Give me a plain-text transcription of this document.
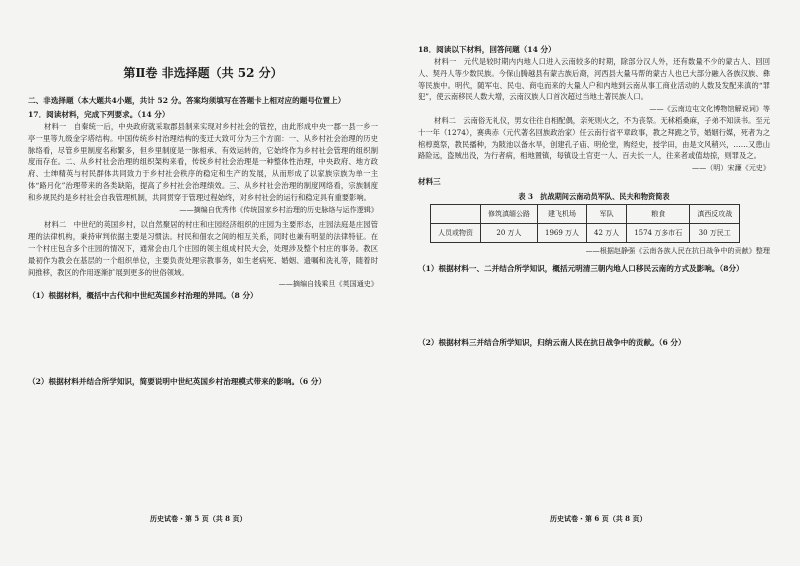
第Ⅱ卷 非选择题（共 52 分）

二、非选择题（本大题共4小题，共计 52 分。答案均须填写在答题卡上相对应的题号位置上）

17．阅读材料，完成下列要求。（14 分）

材料一　自秦统一后，中央政府就采取郡县制来实现对乡村社会的管控，由此形成中央一郡一县一乡一亭一里等九级金字塔结构。中国传统乡村治理结构的变迁大致可分为三个方面：一、从乡村社会治理的历史脉络看，尽管乡里制度名称繁多，但乡里制度是一脉相承、有效运转的，它始终作为乡村社会管理的组织制度而存在。二、从乡村社会治理的组织架构来看，传统乡村社会治理是一种整体性治理，中央政府、地方政府、士绅精英与村民群体共同致力于乡村社会秩序的稳定和生产的发展，从而形成了以家族宗族为单一主体“路月化”治理带来的各类缺陷，提高了乡村社会治理绩效。三、从乡村社会治理的制度网络看，宗族制度和乡规民约是乡村社会自我管理机制，共同贯穿于管理过程始终，对乡村社会的运行和稳定具有重要影响。

——摘编自优秀伟《传统国家乡村治理的历史脉络与运作逻辑》

材料二　中世纪的英国乡村，以自然聚居的村庄和庄园经济组织的庄园为主要形态，庄园法庭是庄园管理的法律机构，秉持审判依据主要是习惯法。村民和佃农之间的相互关系，同时也兼有明显的法律特征。在一个村庄包含多个庄园的情况下，通常会由几个庄园的领主组成村民大会，处理涉及整个村庄的事务。教区最初作为教会在基层的一个组织单位，主要负责处理宗教事务，如生老病死、婚姻、遗嘱和洗礼等，随着时间推移，教区的作用逐渐扩展到更多的世俗领域。

——摘编自钱乘旦《英国通史》

（1）根据材料，概括中古代和中世纪英国乡村治理的异同。（8 分）

（2）根据材料并结合所学知识，简要说明中世纪英国乡村治理模式带来的影响。（6 分）

历史试卷・第 5 页（共 8 页）

18．阅读以下材料，回答问题（14 分）

材料一　元代是较时期内内地人口进入云南较多的时期，除部分汉人外，还有数量不少的蒙古人、回回人、契丹人等少数民族。今保山腾越县有蒙古族后裔，河西县大量马帮的蒙古人也已大部分融入各族汉族、彝等民族中。明代，随军屯、民屯、商屯而来的大量人户和内地到云南从事工商业活动的人数及发配来滇的“罪犯”，使云南移民人数大增，云南汉族人口首次超过当地土著民族人口。

——《云南边屯文化博物馆解说词》等

材料二　云南俗无礼仪，男女往往自相配偶，亲死则火之，不为丧祭。无秫稻桑麻，子弟不知读书。至元十一年（1274），赛典赤（元代著名回族政治家）任云南行省平章政事，教之拜跪之节，婚姻行媒，死者为之棺椁奠祭，教民播种，为陂池以备水旱，创建孔子庙、明伦堂，购经史，授学田，由是文风稍兴，……又患山路险远，盗贼出没，为行者病，相地置镇，每镇设土官吏一人、百夫长一人，往来者或值劫掠，则罪及之。

——（明）宋濂《元史》

材料三

表 3　抗战期间云南动员军队、民夫和物资简表
	修筑滇缅公路	建飞机场	军队	粮食	滇西反攻战
人员或物资	20 万人	1969 万人	42 万人	1574 万多市石	30 万民工

——根据赵静强《云南各族人民在抗日战争中的贡献》整理

（1）根据材料一、二并结合所学知识，概括元明清三朝内地人口移民云南的方式及影响。（8分）

（2）根据材料三并结合所学知识，归纳云南人民在抗日战争中的贡献。（6 分）

历史试卷・第 6 页（共 8 页）
